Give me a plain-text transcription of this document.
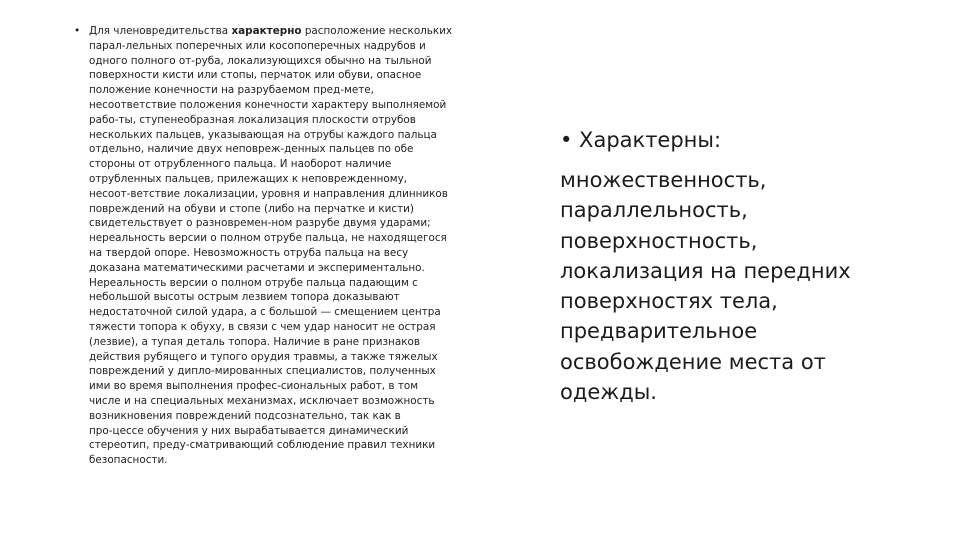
• Для членовредительства характерно расположение нескольких
парал-лельных поперечных или косопоперечных надрубов и
одного полного от-руба, локализующихся обычно на тыльной
поверхности кисти или стопы, перчаток или обуви, опасное
положение конечности на разрубаемом пред-мете,
несоответствие положения конечности характеру выполняемой
рабо-ты, ступенеобразная локализация плоскости отрубов
нескольких пальцев, указывающая на отрубы каждого пальца
отдельно, наличие двух неповреж-денных пальцев по обе
стороны от отрубленного пальца. И наоборот наличие
отрубленных пальцев, прилежащих к неповрежденному,
несоот-ветствие локализации, уровня и направления длинников
повреждений на обуви и стопе (либо на перчатке и кисти)
свидетельствует о разновремен-ном разрубе двумя ударами;
нереальность версии о полном отрубе пальца, не находящегося
на твердой опоре. Невозможность отруба пальца на весу
доказана математическими расчетами и экспериментально.
Нереальность версии о полном отрубе пальца падающим с
небольшой высоты острым лезвием топора доказывают
недостаточной силой удара, а с большой — смещением центра
тяжести топора к обуху, в связи с чем удар наносит не острая
(лезвие), а тупая деталь топора. Наличие в ране признаков
действия рубящего и тупого орудия травмы, а также тяжелых
повреждений у дипло-мированных специалистов, полученных
ими во время выполнения профес-сиональных работ, в том
числе и на специальных механизмах, исключает возможность
возникновения повреждений подсознательно, так как в
про-цессе обучения у них вырабатывается динамический
стереотип, преду-сматривающий соблюдение правил техники
безопасности.
• Характерны:
множественность,
параллельность,
поверхностность,
локализация на передних
поверхностях тела,
предварительное
освобождение места от
одежды.
